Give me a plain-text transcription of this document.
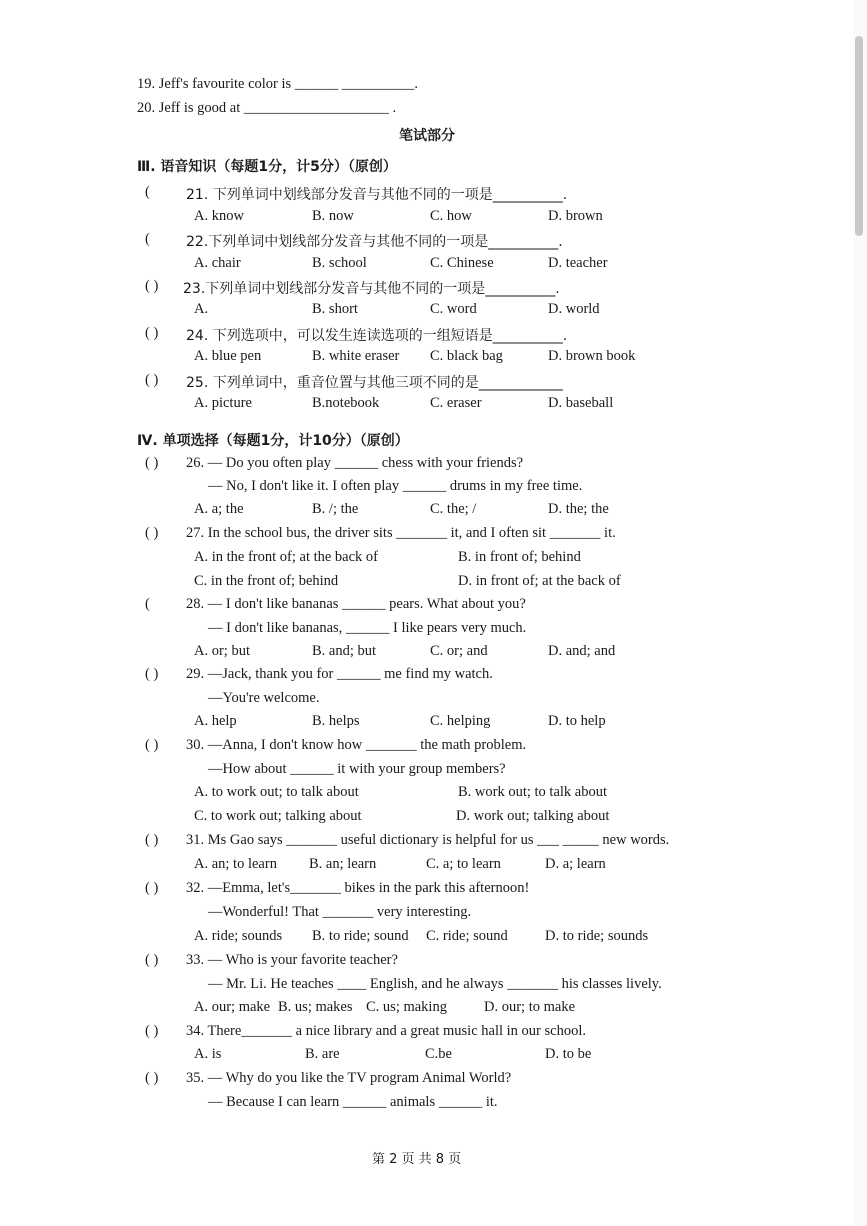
19. Jeff's favourite color is ______ __________.
20. Jeff is good at ____________________ .
笔试部分
Ⅲ. 语音知识（每题1分，计5分）（原创）
(	21. 下列单词中划线部分发音与其他不同的一项是__________.
A. know	B. now	C. how	D. brown
(	22.下列单词中划线部分发音与其他不同的一项是__________.
A. chair	B. school	C. Chinese	D. teacher
( ) 23.下列单词中划线部分发音与其他不同的一项是__________.
A.	B. short	C. word	D. world
( ) 24. 下列选项中，可以发生连读选项的一组短语是__________.
A. blue pen	B. white eraser C. black bag	D. brown book
( ) 25. 下列单词中，重音位置与其他三项不同的是____________
A. picture	B.notebook	C. eraser	D. baseball
Ⅳ. 单项选择（每题1分，计10分）（原创）
( ) 26. — Do you often play ______ chess with your friends?
— No, I don't like it. I often play ______ drums in my free time.
A. a; the	B. /; the	C. the; /	D. the; the
( ) 27. In the school bus, the driver sits _______ it, and I often sit _______ it.
A. in the front of; at the back of	B. in front of; behind
C. in the front of; behind	D. in front of; at the back of
( 28. — I don't like bananas ______ pears. What about you?
— I don't like bananas, ______ I like pears very much.
A. or; but	B. and; but	C. or; and	D. and; and
( ) 29. —Jack, thank you for ______ me find my watch.
—You're welcome.
A. help	B. helps	C. helping	D. to help
( ) 30. —Anna, I don't know how _______ the math problem.
—How about ______ it with your group members?
A. to work out; to talk about	B. work out; to talk about
C. to work out; talking about	D. work out; talking about
( ) 31. Ms Gao says _______ useful dictionary is helpful for us ___ _____ new words.
A. an; to learn B. an; learn	C. a; to learn	D. a; learn
( ) 32. —Emma, let's_______ bikes in the park this afternoon!
—Wonderful! That _______ very interesting.
A. ride; sounds B. to ride; sound C. ride; sound	D. to ride; sounds
( ) 33. — Who is your favorite teacher?
— Mr. Li. He teaches ____ English, and he always _______ his classes lively.
A. our; make B. us; makes C. us; making	D. our; to make
( ) 34. There_______ a nice library and a great music hall in our school.
A. is	B. are	C.be	D. to be
( ) 35. — Why do you like the TV program Animal World?
— Because I can learn ______ animals ______ it.
第 2 页 共 8 页
